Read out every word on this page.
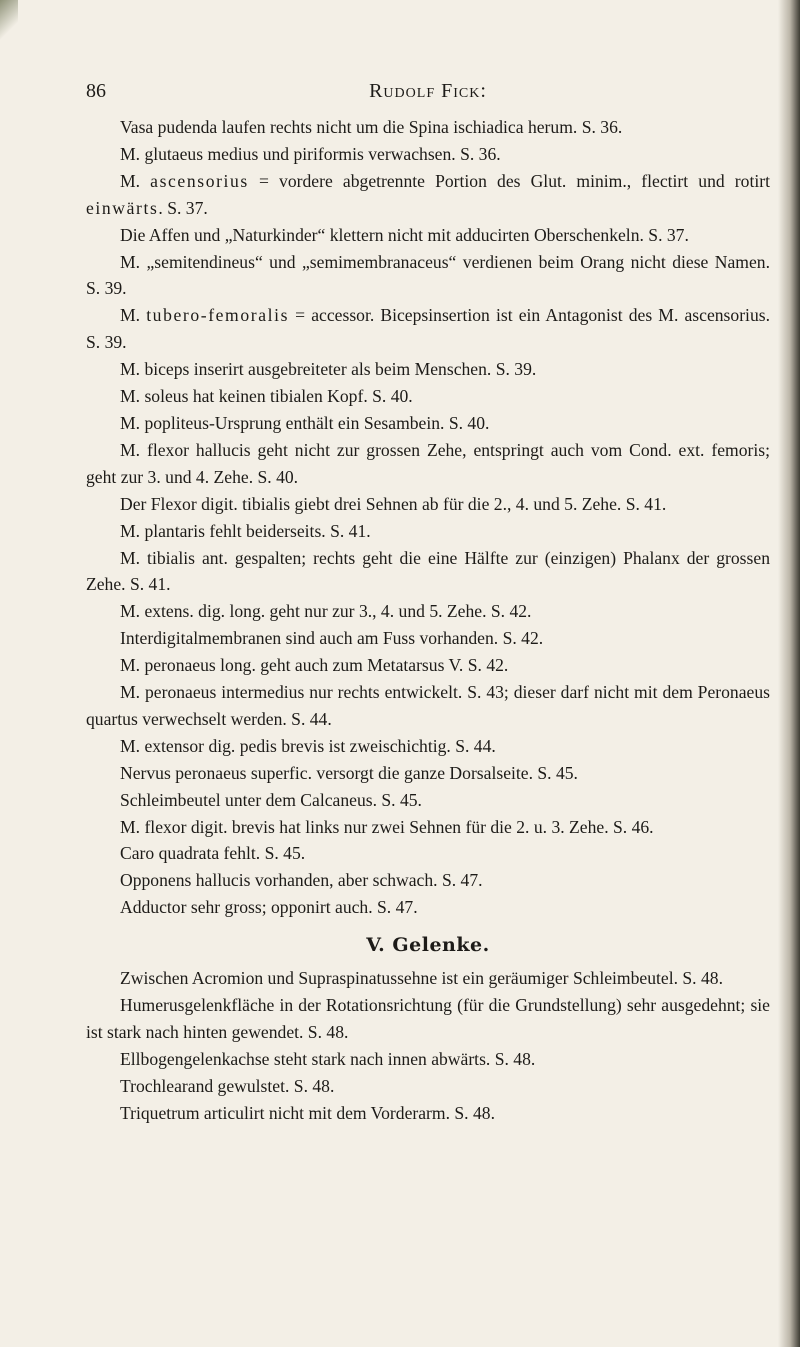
86	Rudolf Fick:

Vasa pudenda laufen rechts nicht um die Spina ischiadica herum. S. 36.

M. glutaeus medius und piriformis verwachsen. S. 36.

M. ascensorius = vordere abgetrennte Portion des Glut. minim., flectirt und rotirt einwärts. S. 37.

Die Affen und „Naturkinder“ klettern nicht mit adducirten Oberschenkeln. S. 37.

M. „semitendineus“ und „semimembranaceus“ verdienen beim Orang nicht diese Namen. S. 39.

M. tubero-femoralis = accessor. Bicepsinsertion ist ein Antagonist des M. ascensorius. S. 39.

M. biceps inserirt ausgebreiteter als beim Menschen. S. 39.

M. soleus hat keinen tibialen Kopf. S. 40.

M. popliteus-Ursprung enthält ein Sesambein. S. 40.

M. flexor hallucis geht nicht zur grossen Zehe, entspringt auch vom Cond. ext. femoris; geht zur 3. und 4. Zehe. S. 40.

Der Flexor digit. tibialis giebt drei Sehnen ab für die 2., 4. und 5. Zehe. S. 41.

M. plantaris fehlt beiderseits. S. 41.

M. tibialis ant. gespalten; rechts geht die eine Hälfte zur (einzigen) Phalanx der grossen Zehe. S. 41.

M. extens. dig. long. geht nur zur 3., 4. und 5. Zehe. S. 42.

Interdigitalmembranen sind auch am Fuss vorhanden. S. 42.

M. peronaeus long. geht auch zum Metatarsus V. S. 42.

M. peronaeus intermedius nur rechts entwickelt. S. 43; dieser darf nicht mit dem Peronaeus quartus verwechselt werden. S. 44.

M. extensor dig. pedis brevis ist zweischichtig. S. 44.

Nervus peronaeus superfic. versorgt die ganze Dorsalseite. S. 45.

Schleimbeutel unter dem Calcaneus. S. 45.

M. flexor digit. brevis hat links nur zwei Sehnen für die 2. u. 3. Zehe. S. 46.

Caro quadrata fehlt. S. 45.

Opponens hallucis vorhanden, aber schwach. S. 47.

Adductor sehr gross; opponirt auch. S. 47.

V. Gelenke.

Zwischen Acromion und Supraspinatussehne ist ein geräumiger Schleimbeutel. S. 48.

Humerusgelenkfläche in der Rotationsrichtung (für die Grundstellung) sehr ausgedehnt; sie ist stark nach hinten gewendet. S. 48.

Ellbogengelenkachse steht stark nach innen abwärts. S. 48.

Trochlearand gewulstet. S. 48.

Triquetrum articulirt nicht mit dem Vorderarm. S. 48.
